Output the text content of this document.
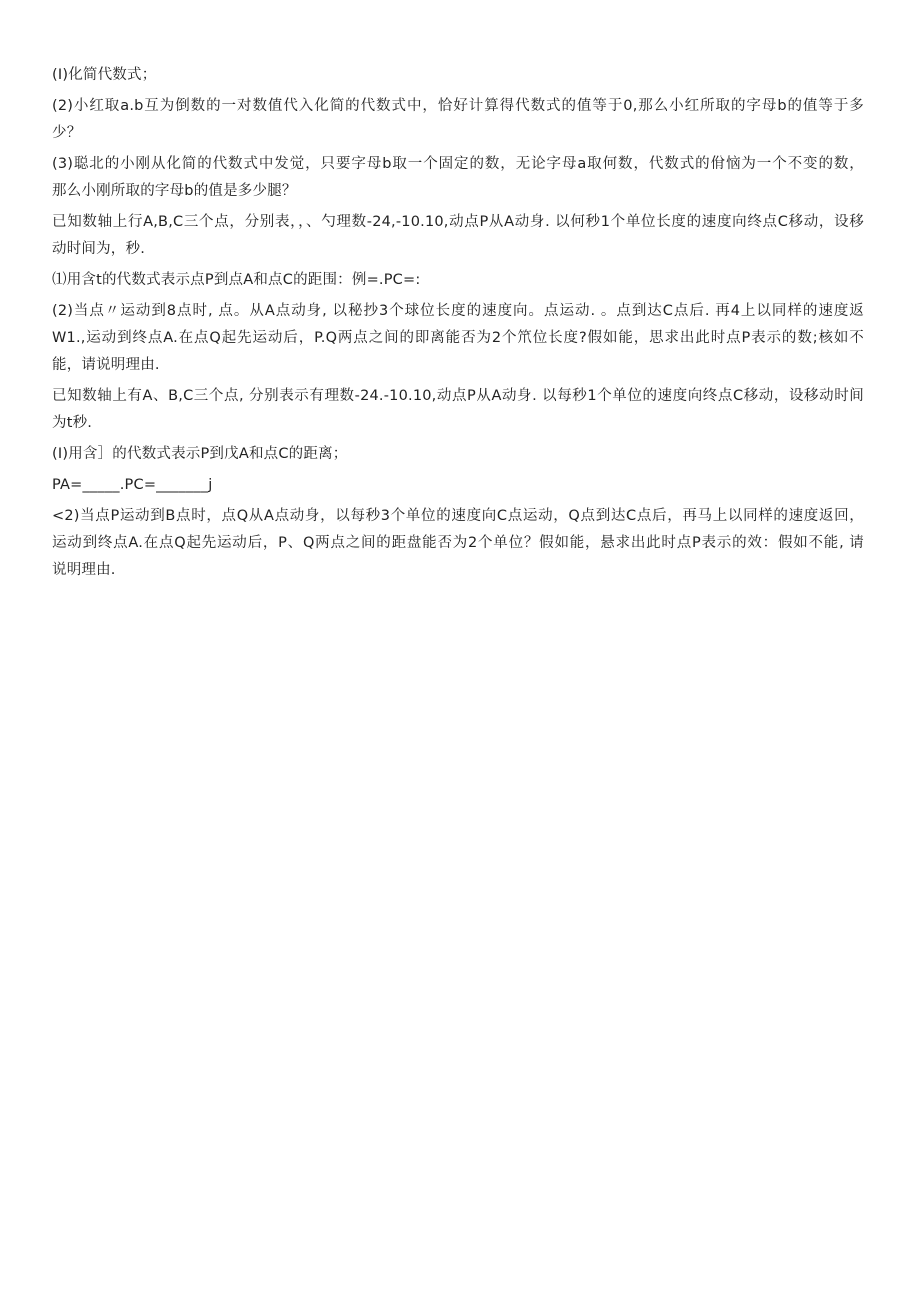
(I)化简代数式；
(2)小红取a.b互为倒数的一对数值代入化简的代数式中，恰好计算得代数式的值等于0,那么小红所取的字母b的值等于多
少？
(3)聪北的小刚从化简的代数式中发觉，只要字母b取一个固定的数，无论字母a取何数，代数式的佾恼为一个不变的数，
那么小刚所取的字母b的值是多少腿？
已知数轴上行A,B,C三个点，分别表，，、勺理数-24,-10.10,动点P从A动身. 以何秒1个单位长度的速度向终点C移动，设移
动时间为，秒.
⑴用含t的代数式表示点P到点A和点C的距围：例=.PC=:
(2)当点〃运动到8点时, 点。从A点动身, 以秘抄3个球位长度的速度向。点运动. 。点到达C点后. 再4上以同样的速度返
W1.,运动到终点A.在点Q起先运动后，P.Q两点之间的即离能否为2个笊位长度?假如能，思求出此时点P表示的数;核如不
能，请说明理由.
已知数轴上有A、B,C三个点, 分别表示有理数-24.-10.10,动点P从A动身. 以每秒1个单位的速度向终点C移动，设移动时间
为t秒.
(I)用含］的代数式表示P到戊A和点C的距离；
PA=_____.PC=_______j
<2)当点P运动到B点时，点Q从A点动身，以每秒3个单位的速度向C点运动，Q点到达C点后，再马上以同样的速度返回，
运动到终点A.在点Q起先运动后，P、Q两点之间的距盘能否为2个单位？假如能，悬求出此时点P表示的效：假如不能, 请
说明理由.
